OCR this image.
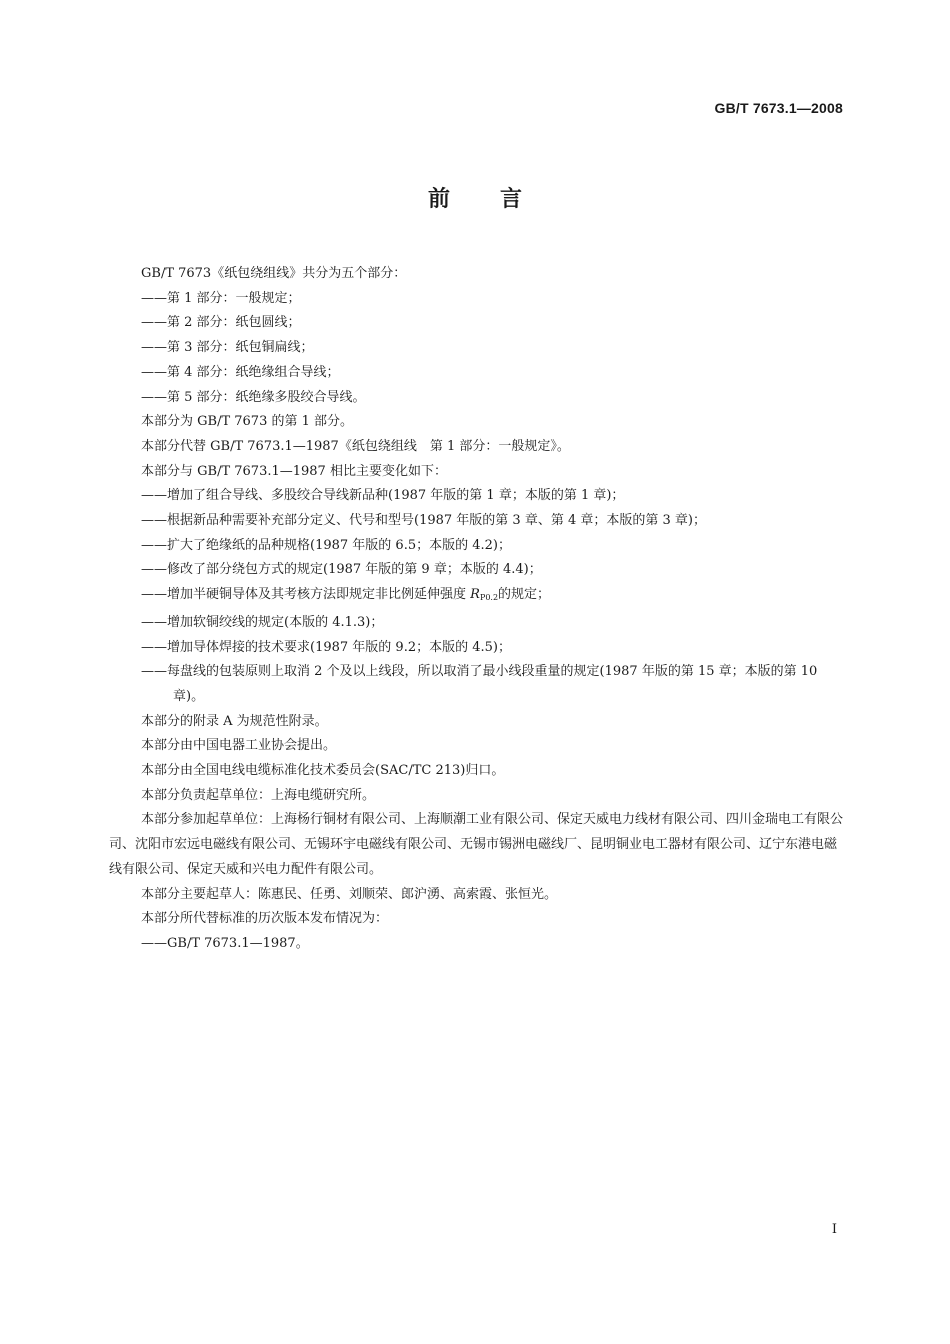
GB/T 7673.1—2008
前言

GB/T 7673《纸包绕组线》共分为五个部分：

——第 1 部分：一般规定；

——第 2 部分：纸包圆线；

——第 3 部分：纸包铜扁线；

——第 4 部分：纸绝缘组合导线；

——第 5 部分：纸绝缘多股绞合导线。

本部分为 GB/T 7673 的第 1 部分。

本部分代替 GB/T 7673.1—1987《纸包绕组线　第 1 部分：一般规定》。

本部分与 GB/T 7673.1—1987 相比主要变化如下：

——增加了组合导线、多股绞合导线新品种(1987 年版的第 1 章；本版的第 1 章)；

——根据新品种需要补充部分定义、代号和型号(1987 年版的第 3 章、第 4 章；本版的第 3 章)；

——扩大了绝缘纸的品种规格(1987 年版的 6.5；本版的 4.2)；

——修改了部分绕包方式的规定(1987 年版的第 9 章；本版的 4.4)；

——增加半硬铜导体及其考核方法即规定非比例延伸强度 $R_{P0.2}$的规定；

——增加软铜绞线的规定(本版的 4.1.3)；

——增加导体焊接的技术要求(1987 年版的 9.2；本版的 4.5)；

——每盘线的包装原则上取消 2 个及以上线段，所以取消了最小线段重量的规定(1987 年版的第 15 章；本版的第 10 章)。

本部分的附录 A 为规范性附录。

本部分由中国电器工业协会提出。

本部分由全国电线电缆标准化技术委员会(SAC/TC 213)归口。

本部分负责起草单位：上海电缆研究所。

本部分参加起草单位：上海杨行铜材有限公司、上海顺潮工业有限公司、保定天威电力线材有限公司、四川金瑞电工有限公司、沈阳市宏远电磁线有限公司、无锡环宇电磁线有限公司、无锡市锡洲电磁线厂、昆明铜业电工器材有限公司、辽宁东港电磁线有限公司、保定天威和兴电力配件有限公司。

本部分主要起草人：陈惠民、任勇、刘顺荣、郎沪湧、高索霞、张恒光。

本部分所代替标准的历次版本发布情况为：

——GB/T 7673.1—1987。

I
